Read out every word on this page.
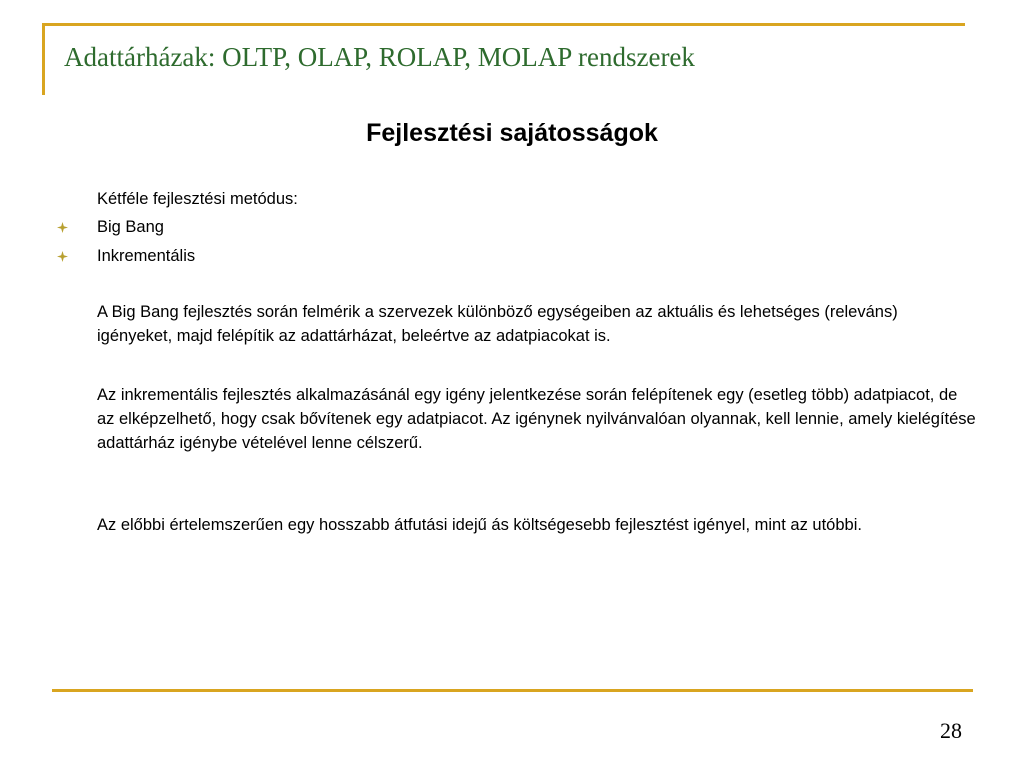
Adattárházak: OLTP, OLAP, ROLAP, MOLAP rendszerek
Fejlesztési sajátosságok
Kétféle fejlesztési metódus:
Big Bang
Inkrementális
A Big Bang fejlesztés során felmérik a szervezek különböző egységeiben az aktuális és lehetséges (releváns) igényeket, majd felépítik az adattárházat, beleértve az adatpiacokat is.
Az inkrementális fejlesztés alkalmazásánál egy igény jelentkezése során felépítenek egy (esetleg több) adatpiacot, de az elképzelhető, hogy csak bővítenek egy adatpiacot. Az igénynek nyilvánvalóan olyannak, kell lennie, amely kielégítése adattárház igénybe vételével lenne célszerű.
Az előbbi értelemszerűen egy hosszabb átfutási idejű ás költségesebb fejlesztést igényel, mint az utóbbi.
28
